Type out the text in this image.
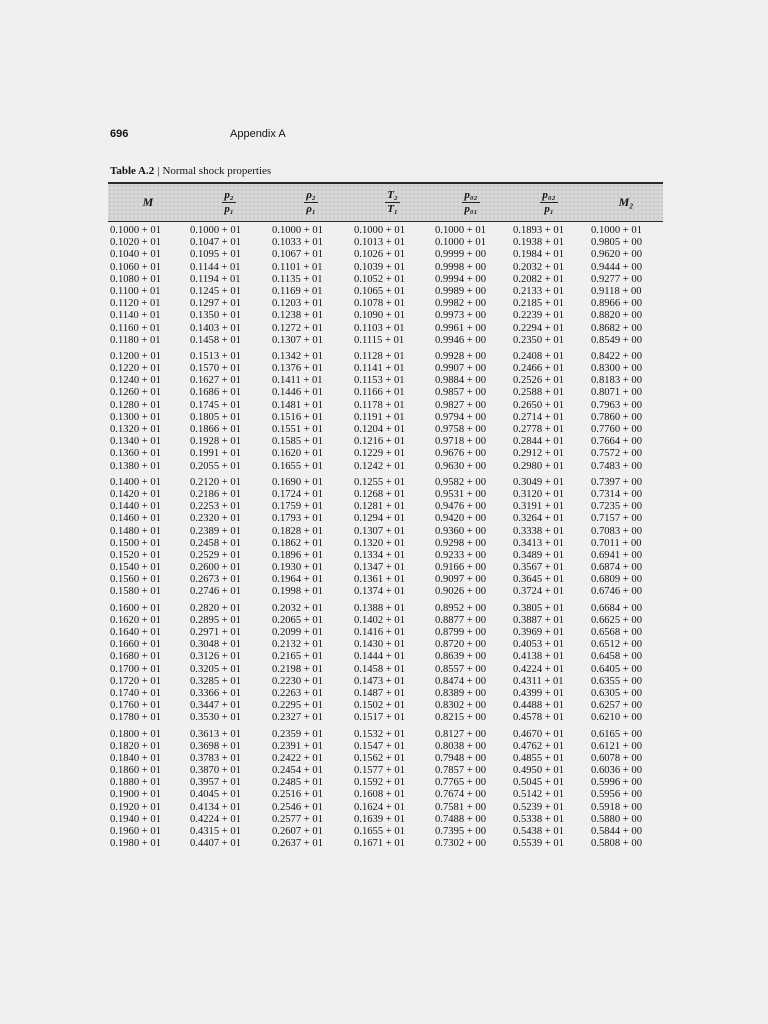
696	Appendix A
Table A.2 | Normal shock properties
M	$\frac{\text{p₂}}{\text{p₁}}$	$\frac{\text{ρ₂}}{\text{ρ₁}}$	$\frac{\text{T₂}}{\text{T₁}}$	$\frac{\text{p₀₂}}{\text{p₀₁}}$	$\frac{\text{p₀₂}}{\text{p₁}}$	M₂
0.1000 + 01	0.1000 + 01	0.1000 + 01	0.1000 + 01	0.1000 + 01	0.1893 + 01	0.1000 + 01
0.1020 + 01	0.1047 + 01	0.1033 + 01	0.1013 + 01	0.1000 + 01	0.1938 + 01	0.9805 + 00
0.1040 + 01	0.1095 + 01	0.1067 + 01	0.1026 + 01	0.9999 + 00	0.1984 + 01	0.9620 + 00
0.1060 + 01	0.1144 + 01	0.1101 + 01	0.1039 + 01	0.9998 + 00	0.2032 + 01	0.9444 + 00
0.1080 + 01	0.1194 + 01	0.1135 + 01	0.1052 + 01	0.9994 + 00	0.2082 + 01	0.9277 + 00
0.1100 + 01	0.1245 + 01	0.1169 + 01	0.1065 + 01	0.9989 + 00	0.2133 + 01	0.9118 + 00
0.1120 + 01	0.1297 + 01	0.1203 + 01	0.1078 + 01	0.9982 + 00	0.2185 + 01	0.8966 + 00
0.1140 + 01	0.1350 + 01	0.1238 + 01	0.1090 + 01	0.9973 + 00	0.2239 + 01	0.8820 + 00
0.1160 + 01	0.1403 + 01	0.1272 + 01	0.1103 + 01	0.9961 + 00	0.2294 + 01	0.8682 + 00
0.1180 + 01	0.1458 + 01	0.1307 + 01	0.1115 + 01	0.9946 + 00	0.2350 + 01	0.8549 + 00
0.1200 + 01	0.1513 + 01	0.1342 + 01	0.1128 + 01	0.9928 + 00	0.2408 + 01	0.8422 + 00
0.1220 + 01	0.1570 + 01	0.1376 + 01	0.1141 + 01	0.9907 + 00	0.2466 + 01	0.8300 + 00
0.1240 + 01	0.1627 + 01	0.1411 + 01	0.1153 + 01	0.9884 + 00	0.2526 + 01	0.8183 + 00
0.1260 + 01	0.1686 + 01	0.1446 + 01	0.1166 + 01	0.9857 + 00	0.2588 + 01	0.8071 + 00
0.1280 + 01	0.1745 + 01	0.1481 + 01	0.1178 + 01	0.9827 + 00	0.2650 + 01	0.7963 + 00
0.1300 + 01	0.1805 + 01	0.1516 + 01	0.1191 + 01	0.9794 + 00	0.2714 + 01	0.7860 + 00
0.1320 + 01	0.1866 + 01	0.1551 + 01	0.1204 + 01	0.9758 + 00	0.2778 + 01	0.7760 + 00
0.1340 + 01	0.1928 + 01	0.1585 + 01	0.1216 + 01	0.9718 + 00	0.2844 + 01	0.7664 + 00
0.1360 + 01	0.1991 + 01	0.1620 + 01	0.1229 + 01	0.9676 + 00	0.2912 + 01	0.7572 + 00
0.1380 + 01	0.2055 + 01	0.1655 + 01	0.1242 + 01	0.9630 + 00	0.2980 + 01	0.7483 + 00
0.1400 + 01	0.2120 + 01	0.1690 + 01	0.1255 + 01	0.9582 + 00	0.3049 + 01	0.7397 + 00
0.1420 + 01	0.2186 + 01	0.1724 + 01	0.1268 + 01	0.9531 + 00	0.3120 + 01	0.7314 + 00
0.1440 + 01	0.2253 + 01	0.1759 + 01	0.1281 + 01	0.9476 + 00	0.3191 + 01	0.7235 + 00
0.1460 + 01	0.2320 + 01	0.1793 + 01	0.1294 + 01	0.9420 + 00	0.3264 + 01	0.7157 + 00
0.1480 + 01	0.2389 + 01	0.1828 + 01	0.1307 + 01	0.9360 + 00	0.3338 + 01	0.7083 + 00
0.1500 + 01	0.2458 + 01	0.1862 + 01	0.1320 + 01	0.9298 + 00	0.3413 + 01	0.7011 + 00
0.1520 + 01	0.2529 + 01	0.1896 + 01	0.1334 + 01	0.9233 + 00	0.3489 + 01	0.6941 + 00
0.1540 + 01	0.2600 + 01	0.1930 + 01	0.1347 + 01	0.9166 + 00	0.3567 + 01	0.6874 + 00
0.1560 + 01	0.2673 + 01	0.1964 + 01	0.1361 + 01	0.9097 + 00	0.3645 + 01	0.6809 + 00
0.1580 + 01	0.2746 + 01	0.1998 + 01	0.1374 + 01	0.9026 + 00	0.3724 + 01	0.6746 + 00
0.1600 + 01	0.2820 + 01	0.2032 + 01	0.1388 + 01	0.8952 + 00	0.3805 + 01	0.6684 + 00
0.1620 + 01	0.2895 + 01	0.2065 + 01	0.1402 + 01	0.8877 + 00	0.3887 + 01	0.6625 + 00
0.1640 + 01	0.2971 + 01	0.2099 + 01	0.1416 + 01	0.8799 + 00	0.3969 + 01	0.6568 + 00
0.1660 + 01	0.3048 + 01	0.2132 + 01	0.1430 + 01	0.8720 + 00	0.4053 + 01	0.6512 + 00
0.1680 + 01	0.3126 + 01	0.2165 + 01	0.1444 + 01	0.8639 + 00	0.4138 + 01	0.6458 + 00
0.1700 + 01	0.3205 + 01	0.2198 + 01	0.1458 + 01	0.8557 + 00	0.4224 + 01	0.6405 + 00
0.1720 + 01	0.3285 + 01	0.2230 + 01	0.1473 + 01	0.8474 + 00	0.4311 + 01	0.6355 + 00
0.1740 + 01	0.3366 + 01	0.2263 + 01	0.1487 + 01	0.8389 + 00	0.4399 + 01	0.6305 + 00
0.1760 + 01	0.3447 + 01	0.2295 + 01	0.1502 + 01	0.8302 + 00	0.4488 + 01	0.6257 + 00
0.1780 + 01	0.3530 + 01	0.2327 + 01	0.1517 + 01	0.8215 + 00	0.4578 + 01	0.6210 + 00
0.1800 + 01	0.3613 + 01	0.2359 + 01	0.1532 + 01	0.8127 + 00	0.4670 + 01	0.6165 + 00
0.1820 + 01	0.3698 + 01	0.2391 + 01	0.1547 + 01	0.8038 + 00	0.4762 + 01	0.6121 + 00
0.1840 + 01	0.3783 + 01	0.2422 + 01	0.1562 + 01	0.7948 + 00	0.4855 + 01	0.6078 + 00
0.1860 + 01	0.3870 + 01	0.2454 + 01	0.1577 + 01	0.7857 + 00	0.4950 + 01	0.6036 + 00
0.1880 + 01	0.3957 + 01	0.2485 + 01	0.1592 + 01	0.7765 + 00	0.5045 + 01	0.5996 + 00
0.1900 + 01	0.4045 + 01	0.2516 + 01	0.1608 + 01	0.7674 + 00	0.5142 + 01	0.5956 + 00
0.1920 + 01	0.4134 + 01	0.2546 + 01	0.1624 + 01	0.7581 + 00	0.5239 + 01	0.5918 + 00
0.1940 + 01	0.4224 + 01	0.2577 + 01	0.1639 + 01	0.7488 + 00	0.5338 + 01	0.5880 + 00
0.1960 + 01	0.4315 + 01	0.2607 + 01	0.1655 + 01	0.7395 + 00	0.5438 + 01	0.5844 + 00
0.1980 + 01	0.4407 + 01	0.2637 + 01	0.1671 + 01	0.7302 + 00	0.5539 + 01	0.5808 + 00
